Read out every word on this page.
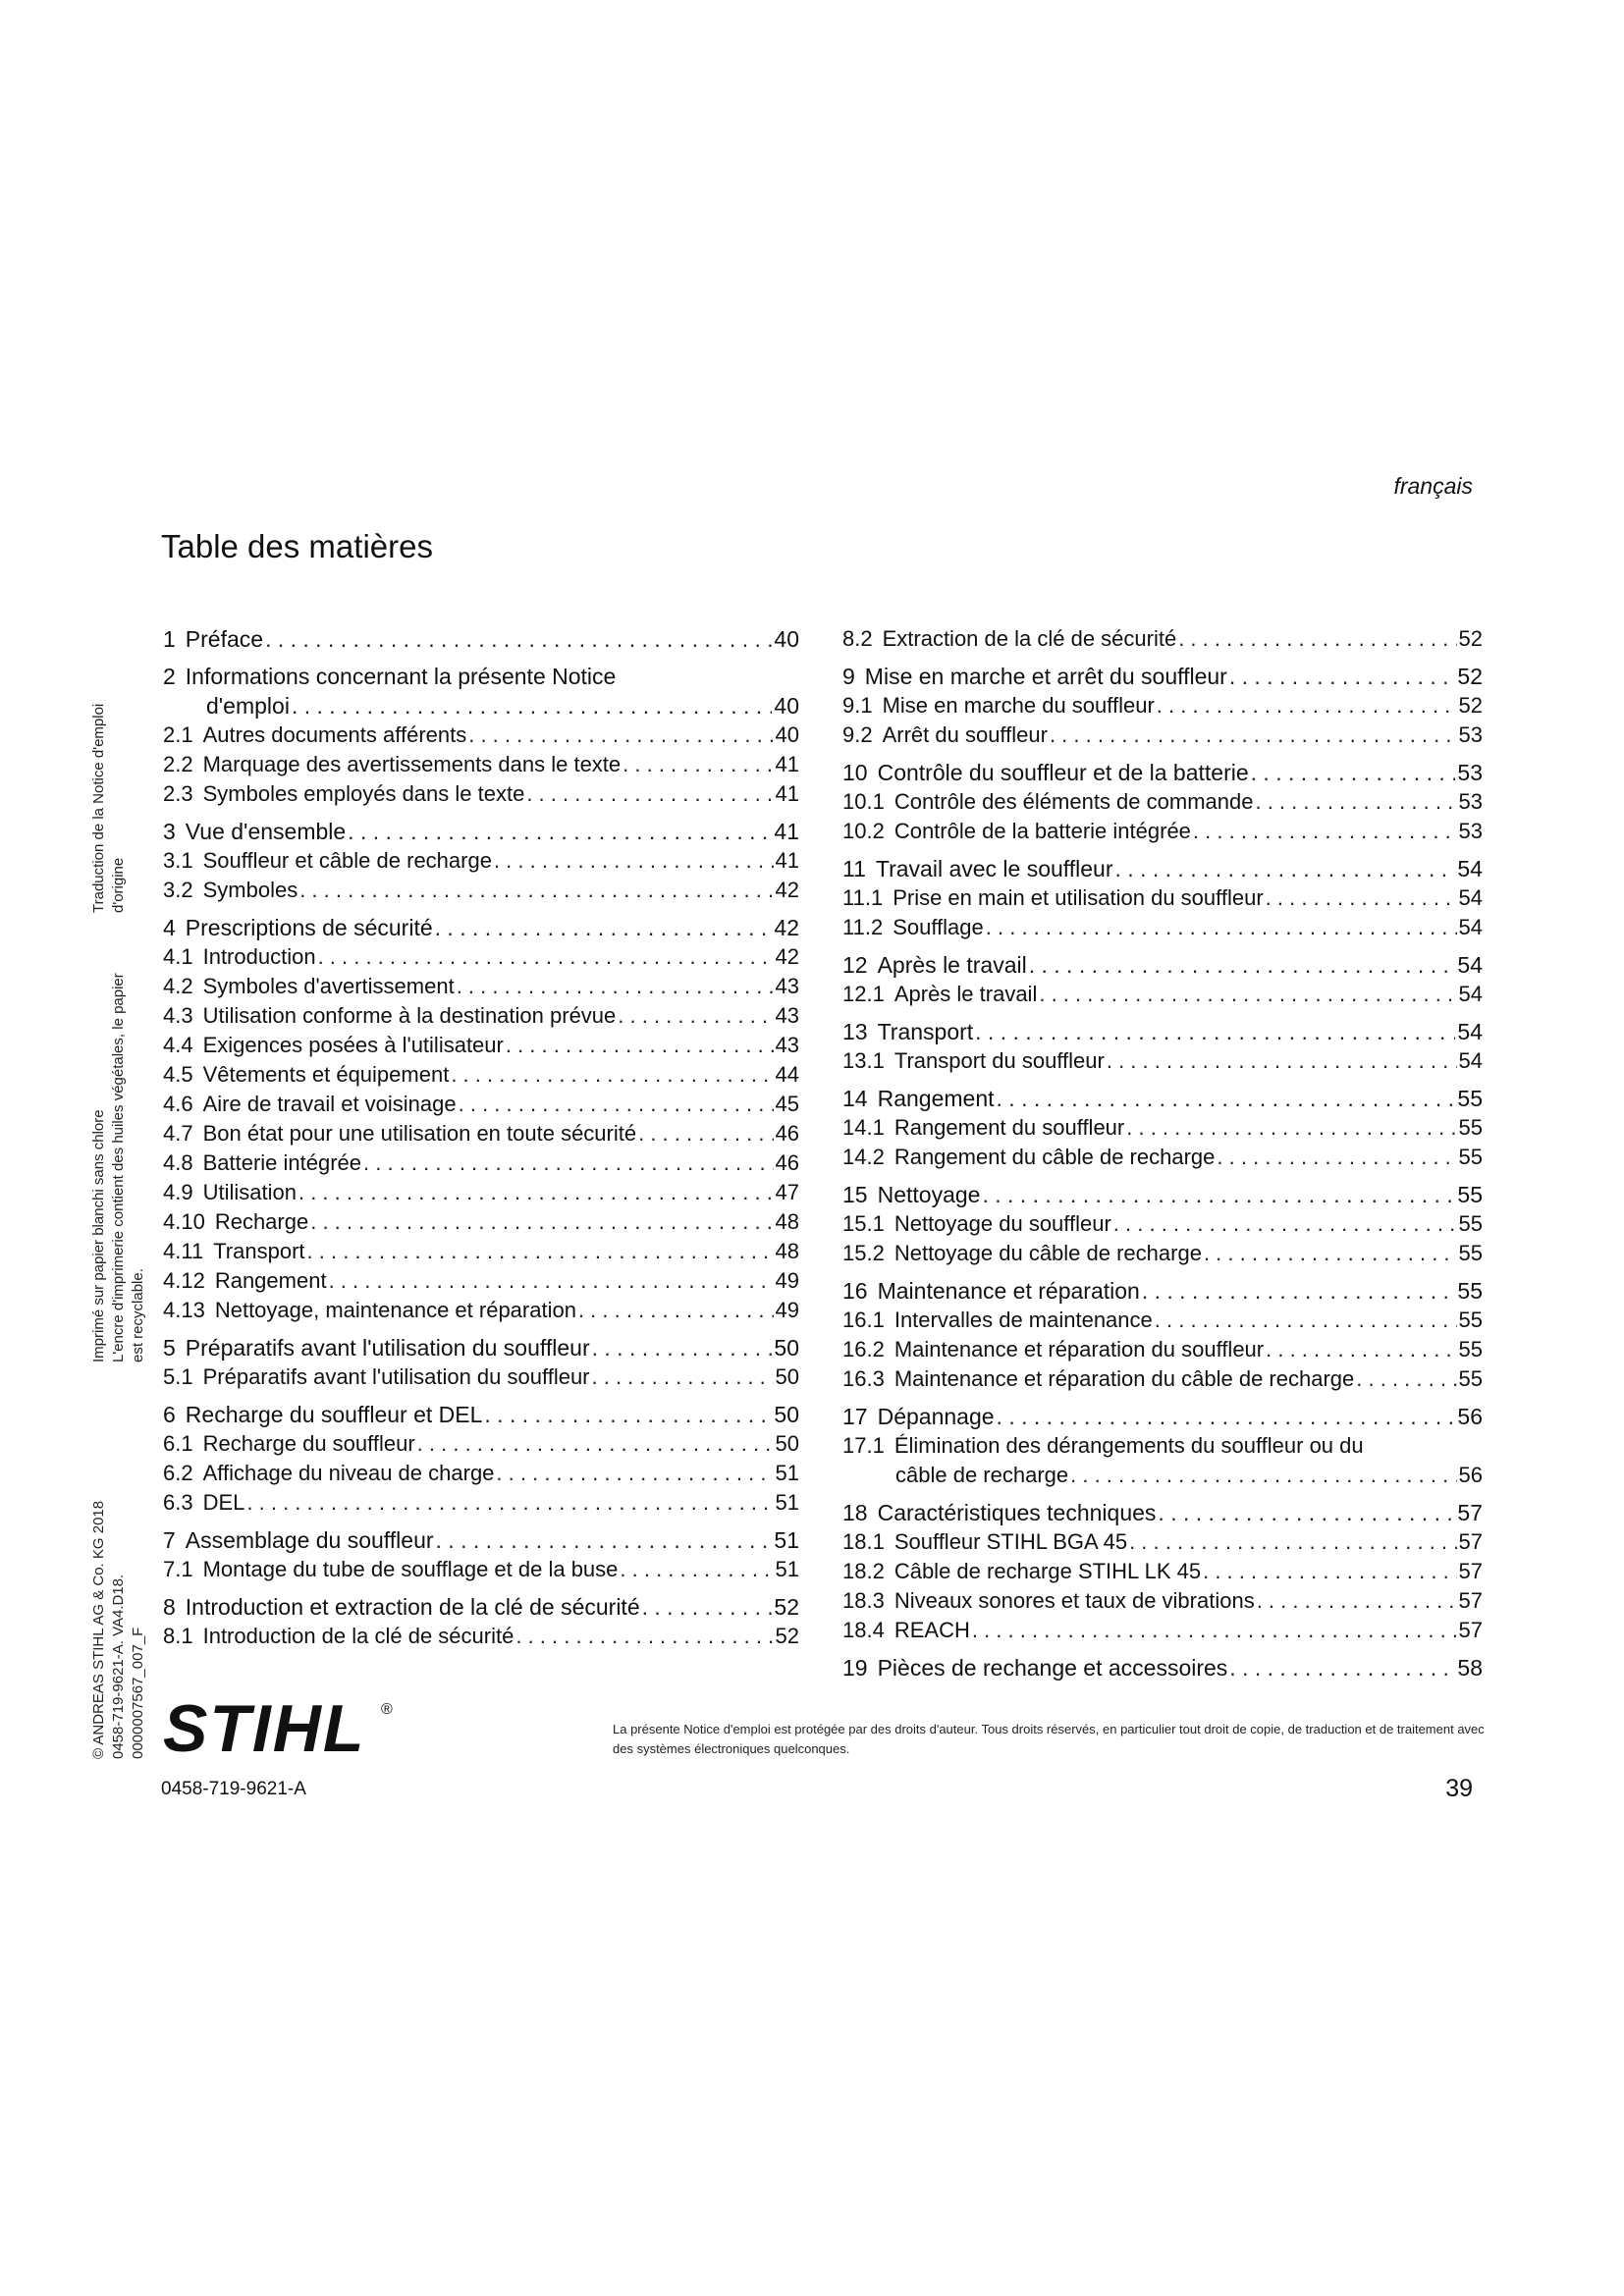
français
Table des matières
Traduction de la Notice d'emploi d'origine
Imprimé sur papier blanchi sans chlore L'encre d'imprimerie contient des huiles végétales, le papier est recyclable.
© ANDREAS STIHL AG & Co. KG 2018 0458-719-9621-A. VA4.D18. 0000007567_007_F
1 Préface . . .	40
2 Informations concernant la présente Notice
d'emploi . . .	40
2.1 Autres documents afférents . . .	40
2.2 Marquage des avertissements dans le texte . . .	41
2.3 Symboles employés dans le texte . . .	41
3 Vue d'ensemble . . .	41
3.1 Souffleur et câble de recharge . . .	41
3.2 Symboles . . .	42
4 Prescriptions de sécurité . . .	42
4.1 Introduction . . .	42
4.2 Symboles d'avertissement . . .	43
4.3 Utilisation conforme à la destination prévue . . .	43
4.4 Exigences posées à l'utilisateur . . .	43
4.5 Vêtements et équipement . . .	44
4.6 Aire de travail et voisinage . . .	45
4.7 Bon état pour une utilisation en toute sécurité . . .	46
4.8 Batterie intégrée . . .	46
4.9 Utilisation . . .	47
4.10 Recharge . . .	48
4.11 Transport . . .	48
4.12 Rangement . . .	49
4.13 Nettoyage, maintenance et réparation . . .	49
5 Préparatifs avant l'utilisation du souffleur . . .	50
5.1 Préparatifs avant l'utilisation du souffleur . . .	50
6 Recharge du souffleur et DEL . . .	50
6.1 Recharge du souffleur . . .	50
6.2 Affichage du niveau de charge . . .	51
6.3 DEL . . .	51
7 Assemblage du souffleur . . .	51
7.1 Montage du tube de soufflage et de la buse . . .	51
8 Introduction et extraction de la clé de sécurité . . .	52
8.1 Introduction de la clé de sécurité . . .	52
8.2 Extraction de la clé de sécurité . . .	52
9 Mise en marche et arrêt du souffleur . . .	52
9.1 Mise en marche du souffleur . . .	52
9.2 Arrêt du souffleur . . .	53
10 Contrôle du souffleur et de la batterie . . .	53
10.1 Contrôle des éléments de commande . . .	53
10.2 Contrôle de la batterie intégrée . . .	53
11 Travail avec le souffleur . . .	54
11.1 Prise en main et utilisation du souffleur . . .	54
11.2 Soufflage . . .	54
12 Après le travail . . .	54
12.1 Après le travail . . .	54
13 Transport . . .	54
13.1 Transport du souffleur . . .	54
14 Rangement . . .	55
14.1 Rangement du souffleur . . .	55
14.2 Rangement du câble de recharge . . .	55
15 Nettoyage . . .	55
15.1 Nettoyage du souffleur . . .	55
15.2 Nettoyage du câble de recharge . . .	55
16 Maintenance et réparation . . .	55
16.1 Intervalles de maintenance . . .	55
16.2 Maintenance et réparation du souffleur . . .	55
16.3 Maintenance et réparation du câble de recharge . . .	55
17 Dépannage . . .	56
17.1 Élimination des dérangements du souffleur ou du
câble de recharge . . .	56
18 Caractéristiques techniques . . .	57
18.1 Souffleur STIHL BGA 45 . . .	57
18.2 Câble de recharge STIHL LK 45 . . .	57
18.3 Niveaux sonores et taux de vibrations . . .	57
18.4 REACH . . .	57
19 Pièces de rechange et accessoires . . .	58
STIHL ®
La présente Notice d'emploi est protégée par des droits d'auteur. Tous droits réservés, en particulier tout droit de copie, de traduction et de traitement avec des systèmes électroniques quelconques.
0458-719-9621-A	39
